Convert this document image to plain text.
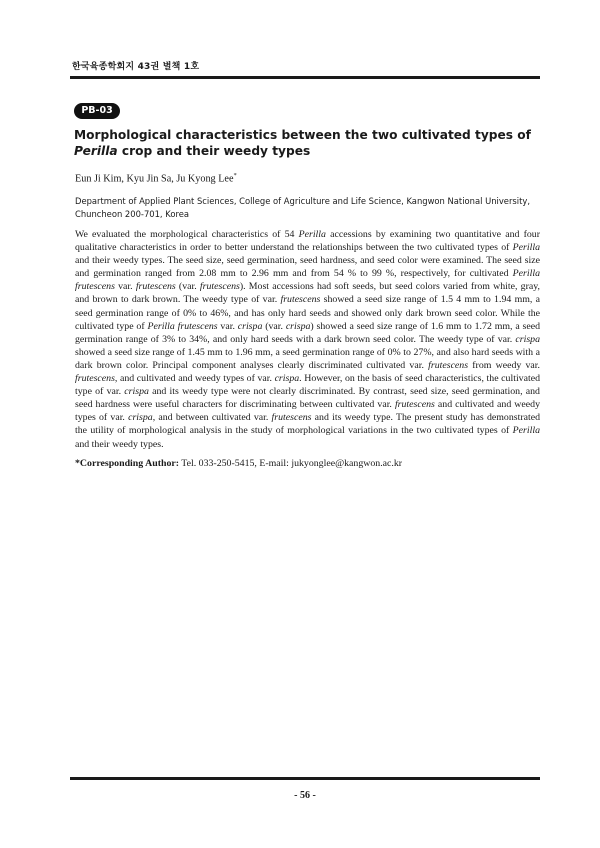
한국육종학회지 43권 별책 1호
PB-03
Morphological characteristics between the two cultivated types of Perilla crop and their weedy types
Eun Ji Kim, Kyu Jin Sa, Ju Kyong Lee*
Department of Applied Plant Sciences, College of Agriculture and Life Science, Kangwon National University,
Chuncheon 200-701, Korea

We evaluated the morphological characteristics of 54 Perilla accessions by examining two quantitative and four qualitative characteristics in order to better understand the relationships between the two cultivated types of Perilla and their weedy types. The seed size, seed germination, seed hardness, and seed color were examined. The seed size and germination ranged from 2.08 mm to 2.96 mm and from 54 % to 99 %, respectively, for cultivated Perilla frutescens var. frutescens (var. frutescens). Most accessions had soft seeds, but seed colors varied from white, gray, and brown to dark brown. The weedy type of var. frutescens showed a seed size range of 1.5 4 mm to 1.94 mm, a seed germination range of 0% to 46%, and has only hard seeds and showed only dark brown seed color. While the cultivated type of Perilla frutescens var. crispa (var. crispa) showed a seed size range of 1.6 mm to 1.72 mm, a seed germination range of 3% to 34%, and only hard seeds with a dark brown seed color. The weedy type of var. crispa showed a seed size range of 1.45 mm to 1.96 mm, a seed germination range of 0% to 27%, and also hard seeds with a dark brown color. Principal component analyses clearly discriminated cultivated var. frutescens from weedy var. frutescens, and cultivated and weedy types of var. crispa. However, on the basis of seed characteristics, the cultivated type of var. crispa and its weedy type were not clearly discriminated. By contrast, seed size, seed germination, and seed hardness were useful characters for discriminating between cultivated var. frutescens and cultivated and weedy types of var. crispa, and between cultivated var. frutescens and its weedy type. The present study has demonstrated the utility of morphological analysis in the study of morphological variations in the two cultivated types of Perilla and their weedy types.

*Corresponding Author: Tel. 033-250-5415, E-mail: jukyonglee@kangwon.ac.kr
- 56 -
